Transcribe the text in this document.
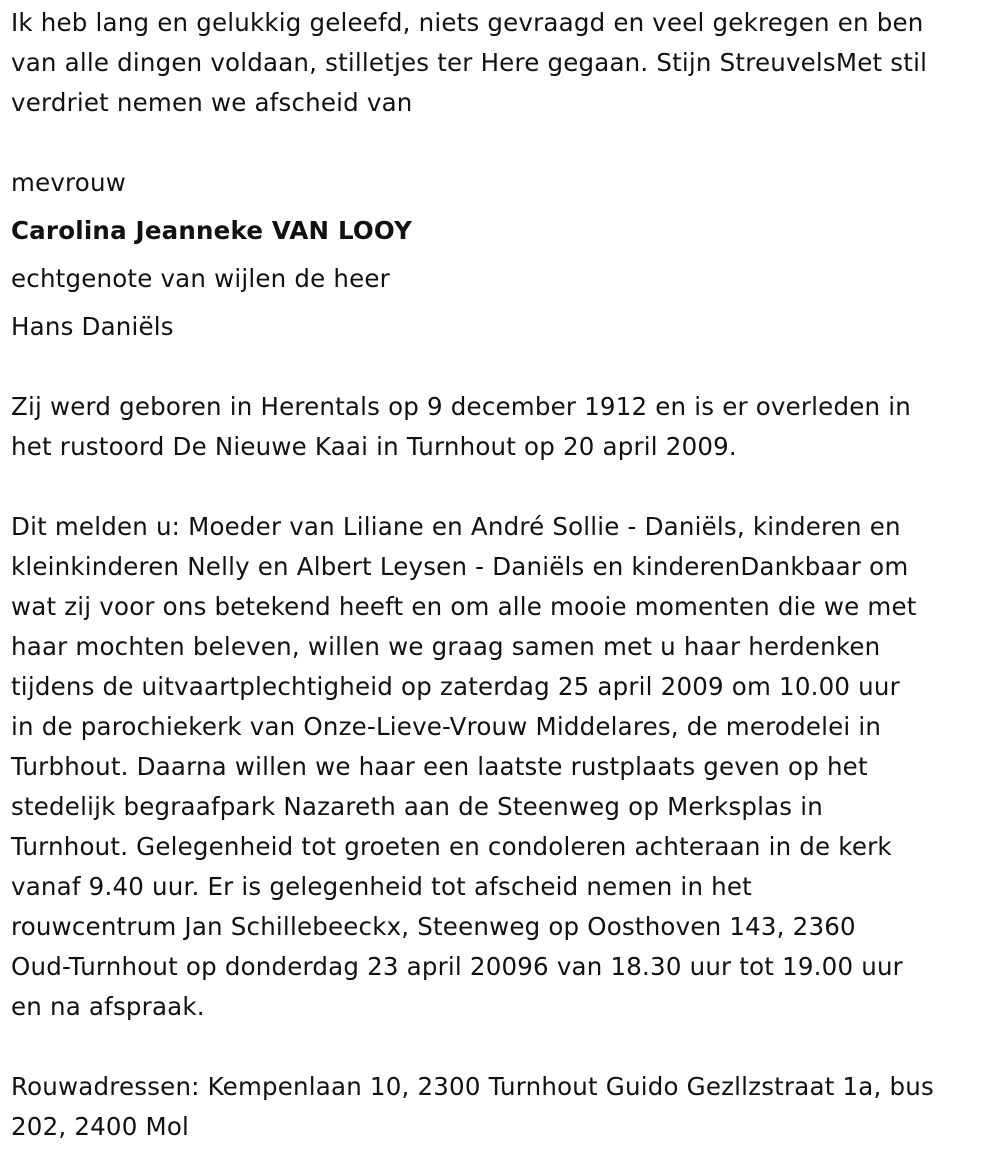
Ik heb lang en gelukkig geleefd, niets gevraagd en veel gekregen en ben
van alle dingen voldaan, stilletjes ter Here gegaan. Stijn StreuvelsMet stil
verdriet nemen we afscheid van
mevrouw
Carolina Jeanneke VAN LOOY
echtgenote van wijlen de heer
Hans Daniëls
Zij werd geboren in Herentals op 9 december 1912 en is er overleden in
het rustoord De Nieuwe Kaai in Turnhout op 20 april 2009.
Dit melden u: Moeder van Liliane en André Sollie - Daniëls, kinderen en
kleinkinderen Nelly en Albert Leysen - Daniëls en kinderenDankbaar om
wat zij voor ons betekend heeft en om alle mooie momenten die we met
haar mochten beleven, willen we graag samen met u haar herdenken
tijdens de uitvaartplechtigheid op zaterdag 25 april 2009 om 10.00 uur
in de parochiekerk van Onze-Lieve-Vrouw Middelares, de merodelei in
Turbhout. Daarna willen we haar een laatste rustplaats geven op het
stedelijk begraafpark Nazareth aan de Steenweg op Merksplas in
Turnhout. Gelegenheid tot groeten en condoleren achteraan in de kerk
vanaf 9.40 uur. Er is gelegenheid tot afscheid nemen in het
rouwcentrum Jan Schillebeeckx, Steenweg op Oosthoven 143, 2360
Oud-Turnhout op donderdag 23 april 20096 van 18.30 uur tot 19.00 uur
en na afspraak.
Rouwadressen: Kempenlaan 10, 2300 Turnhout Guido Gezllzstraat 1a, bus
202, 2400 Mol
